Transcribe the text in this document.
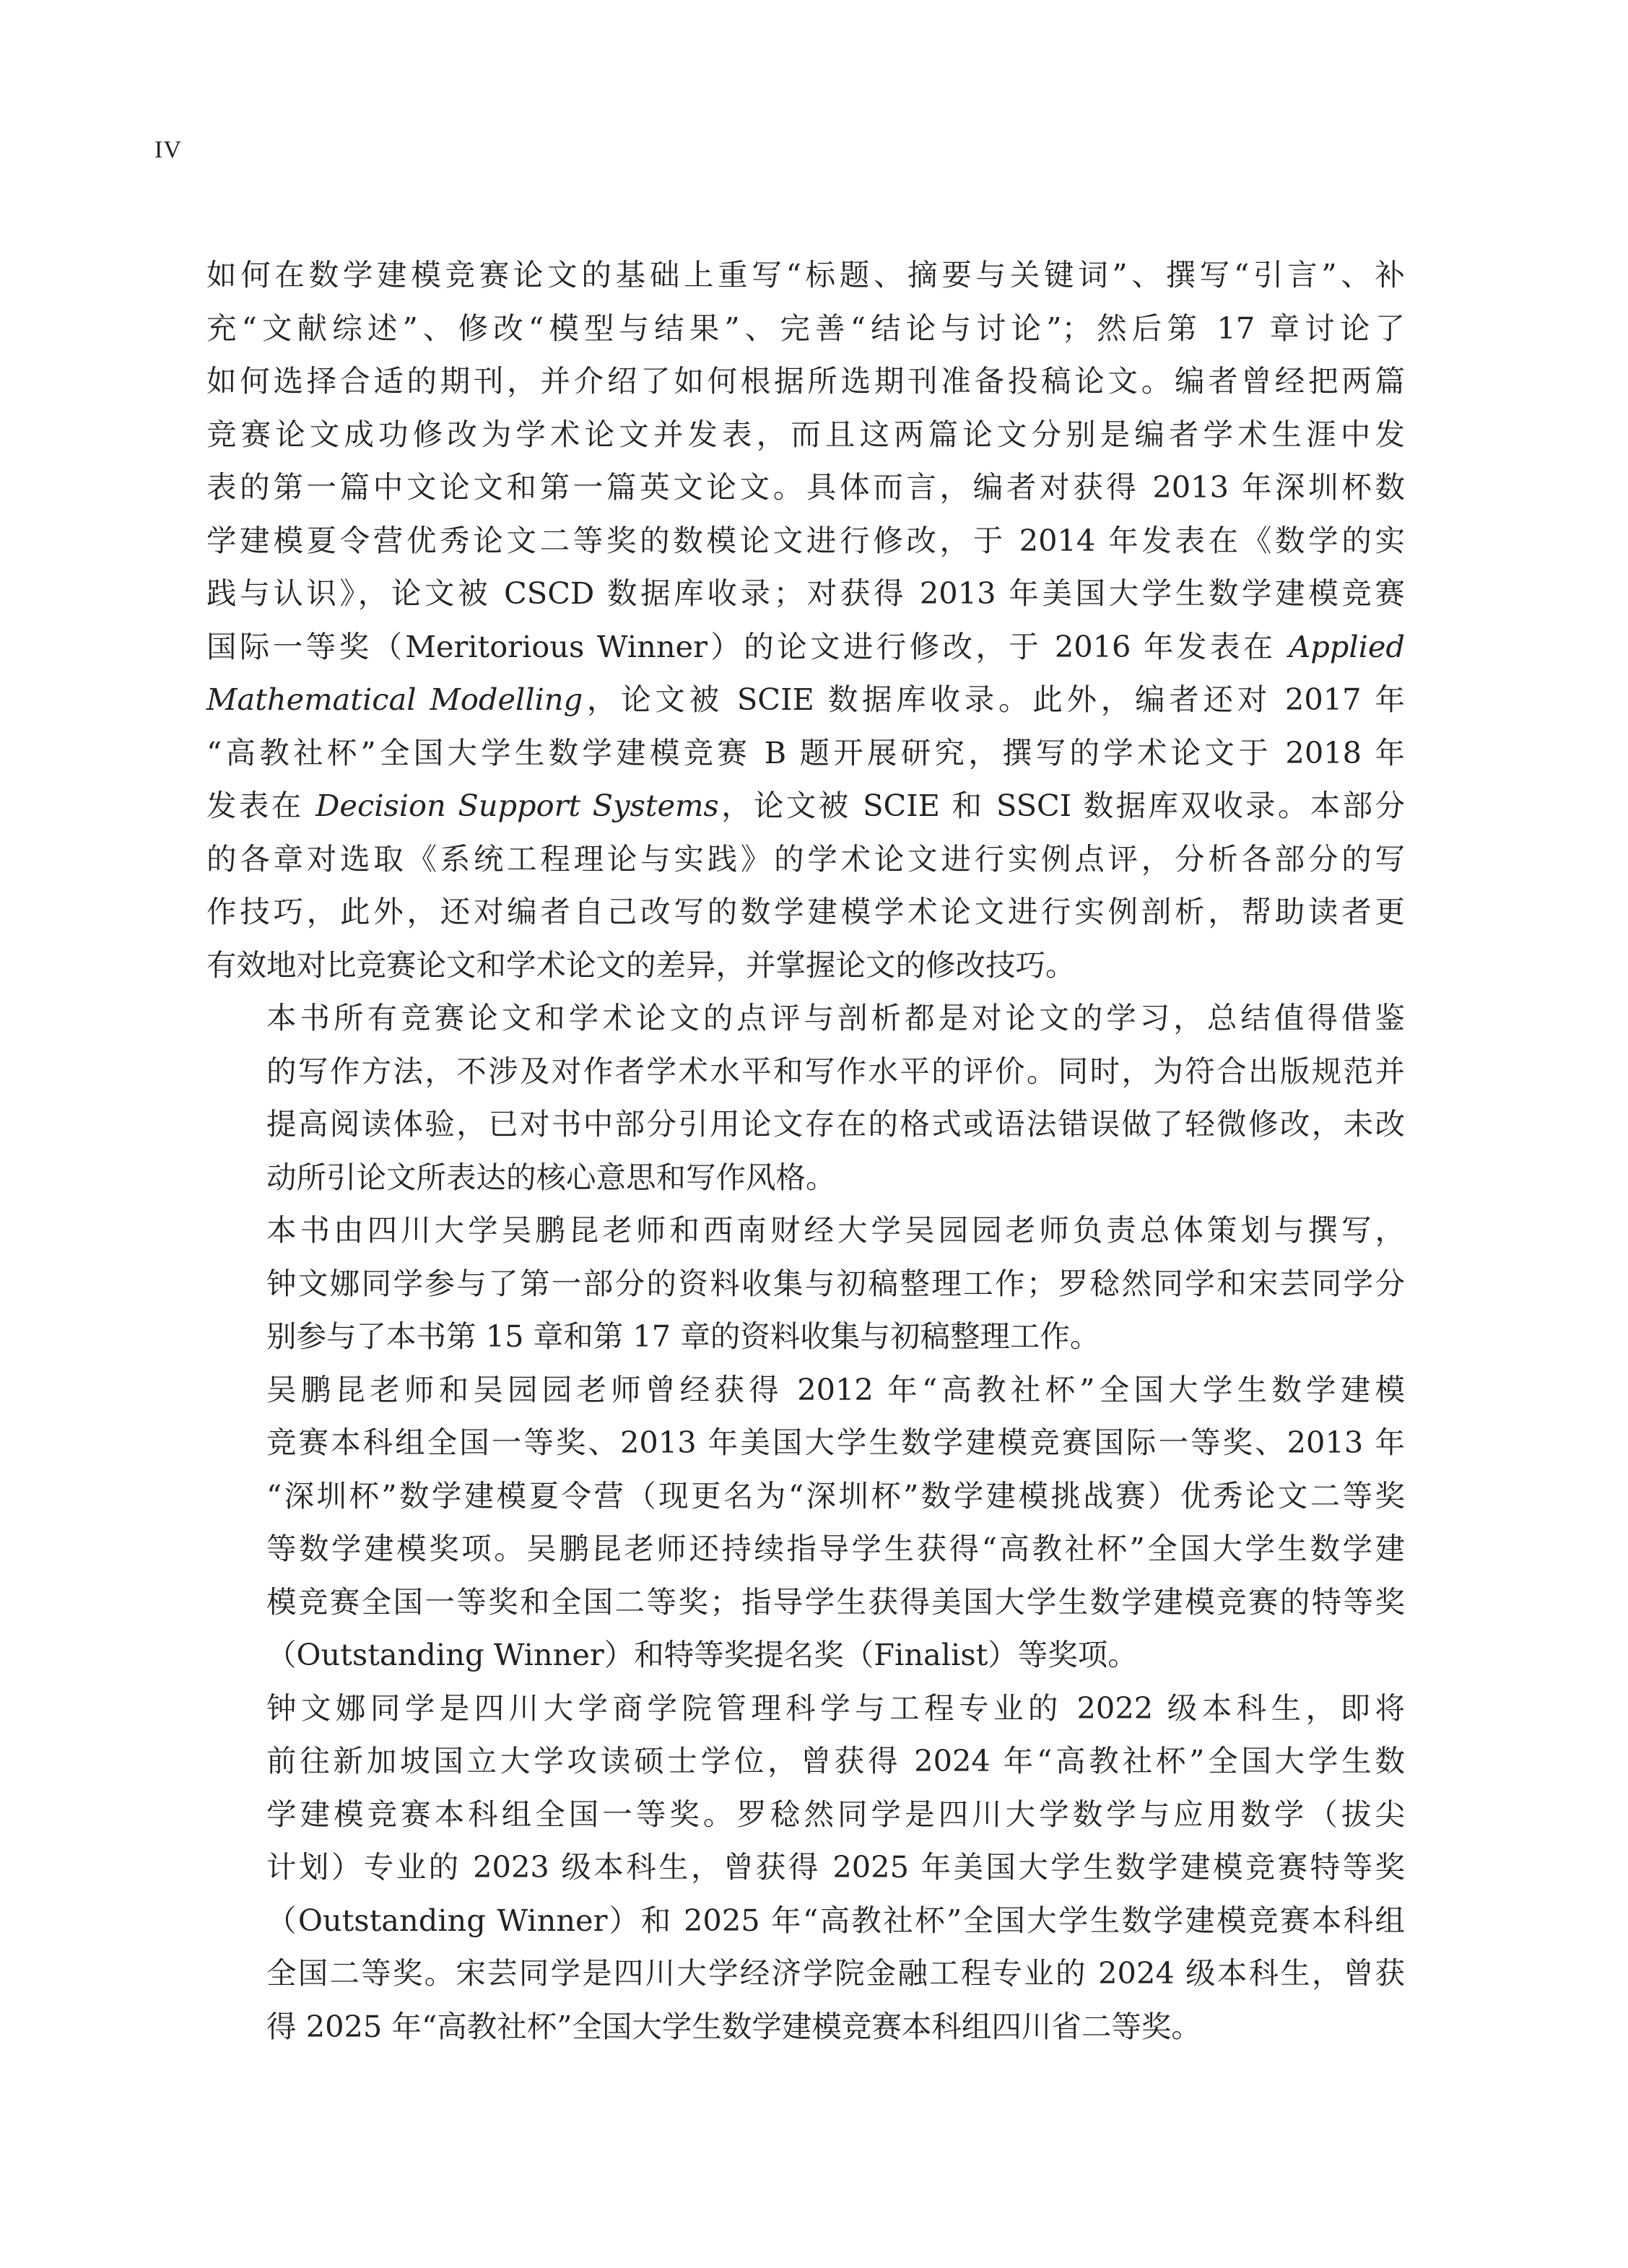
IV
如何在数学建模竞赛论文的基础上重写“标题、摘要与关键词”、撰写“引言”、补
充“文献综述”、修改“模型与结果”、完善“结论与讨论”；然后第 17 章讨论了
如何选择合适的期刊，并介绍了如何根据所选期刊准备投稿论文。编者曾经把两篇
竞赛论文成功修改为学术论文并发表，而且这两篇论文分别是编者学术生涯中发
表的第一篇中文论文和第一篇英文论文。具体而言，编者对获得 2013 年深圳杯数
学建模夏令营优秀论文二等奖的数模论文进行修改，于 2014 年发表在《数学的实
践与认识》，论文被 CSCD 数据库收录；对获得 2013 年美国大学生数学建模竞赛
国际一等奖（Meritorious Winner）的论文进行修改，于 2016 年发表在 Applied
Mathematical Modelling，论文被 SCIE 数据库收录。此外，编者还对 2017 年
“高教社杯”全国大学生数学建模竞赛 B 题开展研究，撰写的学术论文于 2018 年
发表在 Decision Support Systems，论文被 SCIE 和 SSCI 数据库双收录。本部分
的各章对选取《系统工程理论与实践》的学术论文进行实例点评，分析各部分的写
作技巧，此外，还对编者自己改写的数学建模学术论文进行实例剖析，帮助读者更
有效地对比竞赛论文和学术论文的差异，并掌握论文的修改技巧。
本书所有竞赛论文和学术论文的点评与剖析都是对论文的学习，总结值得借鉴
的写作方法，不涉及对作者学术水平和写作水平的评价。同时，为符合出版规范并
提高阅读体验，已对书中部分引用论文存在的格式或语法错误做了轻微修改，未改
动所引论文所表达的核心意思和写作风格。
本书由四川大学吴鹏昆老师和西南财经大学吴园园老师负责总体策划与撰写，
钟文娜同学参与了第一部分的资料收集与初稿整理工作；罗稔然同学和宋芸同学分
别参与了本书第 15 章和第 17 章的资料收集与初稿整理工作。
吴鹏昆老师和吴园园老师曾经获得 2012 年“高教社杯”全国大学生数学建模
竞赛本科组全国一等奖、2013 年美国大学生数学建模竞赛国际一等奖、2013 年
“深圳杯”数学建模夏令营（现更名为“深圳杯”数学建模挑战赛）优秀论文二等奖
等数学建模奖项。吴鹏昆老师还持续指导学生获得“高教社杯”全国大学生数学建
模竞赛全国一等奖和全国二等奖；指导学生获得美国大学生数学建模竞赛的特等奖
（Outstanding Winner）和特等奖提名奖（Finalist）等奖项。
钟文娜同学是四川大学商学院管理科学与工程专业的 2022 级本科生，即将
前往新加坡国立大学攻读硕士学位，曾获得 2024 年“高教社杯”全国大学生数
学建模竞赛本科组全国一等奖。罗稔然同学是四川大学数学与应用数学（拔尖
计划）专业的 2023 级本科生，曾获得 2025 年美国大学生数学建模竞赛特等奖
（Outstanding Winner）和 2025 年“高教社杯”全国大学生数学建模竞赛本科组
全国二等奖。宋芸同学是四川大学经济学院金融工程专业的 2024 级本科生，曾获
得 2025 年“高教社杯”全国大学生数学建模竞赛本科组四川省二等奖。
